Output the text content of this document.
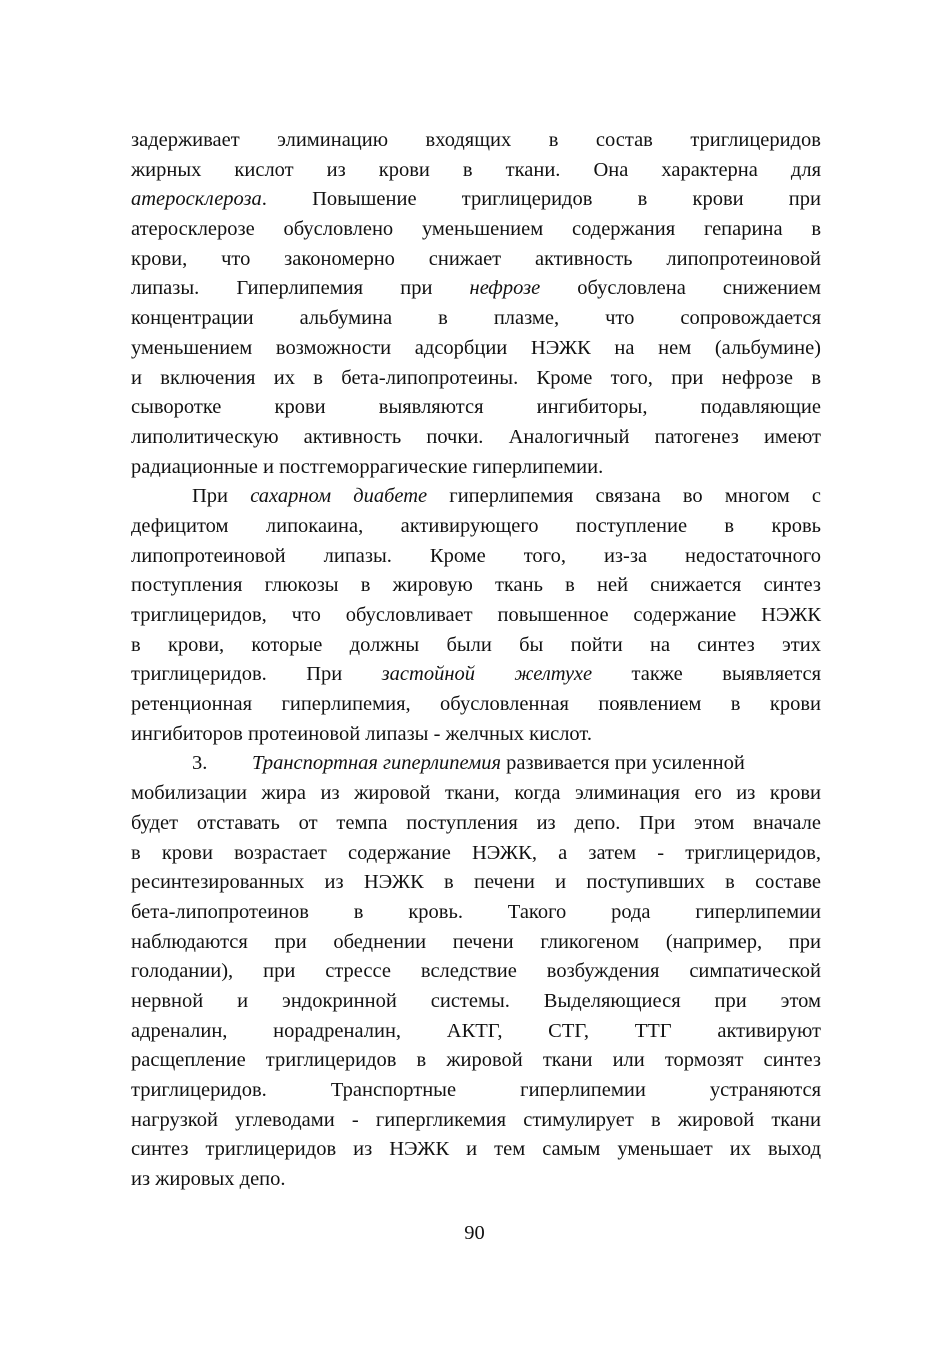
задерживает элиминацию входящих в состав триглицеридов
жирных кислот из крови в ткани. Она характерна для
атеросклероза. Повышение триглицеридов в крови при
атеросклерозе обусловлено уменьшением содержания гепарина в
крови, что закономерно снижает активность липопротеиновой
липазы. Гиперлипемия при нефрозе обусловлена снижением
концентрации альбумина в плазме, что сопровождается
уменьшением возможности адсорбции НЭЖК на нем (альбумине)
и включения их в бета-липопротеины. Кроме того, при нефрозе в
сыворотке крови выявляются ингибиторы, подавляющие
липолитическую активность почки. Аналогичный патогенез имеют
радиационные и постгеморрагические гиперлипемии.
При сахарном диабете гиперлипемия связана во многом с
дефицитом липокаина, активирующего поступление в кровь
липопротеиновой липазы. Кроме того, из-за недостаточного
поступления глюкозы в жировую ткань в ней снижается синтез
триглицеридов, что обусловливает повышенное содержание НЭЖК
в крови, которые должны были бы пойти на синтез этих
триглицеридов. При застойной желтухе также выявляется
ретенционная гиперлипемия, обусловленная появлением в крови
ингибиторов протеиновой липазы - желчных кислот.
3. Транспортная гиперлипемия развивается при усиленной
мобилизации жира из жировой ткани, когда элиминация его из крови
будет отставать от темпа поступления из депо. При этом вначале
в крови возрастает содержание НЭЖК, а затем - триглицеридов,
ресинтезированных из НЭЖК в печени и поступивших в составе
бета-липопротеинов в кровь. Такого рода гиперлипемии
наблюдаются при обеднении печени гликогеном (например, при
голодании), при стрессе вследствие возбуждения симпатической
нервной и эндокринной системы. Выделяющиеся при этом
адреналин, норадреналин, АКТГ, СТГ, ТТГ активируют
расщепление триглицеридов в жировой ткани или тормозят синтез
триглицеридов. Транспортные гиперлипемии устраняются
нагрузкой углеводами - гипергликемия стимулирует в жировой ткани
синтез триглицеридов из НЭЖК и тем самым уменьшает их выход
из жировых депо.
90
